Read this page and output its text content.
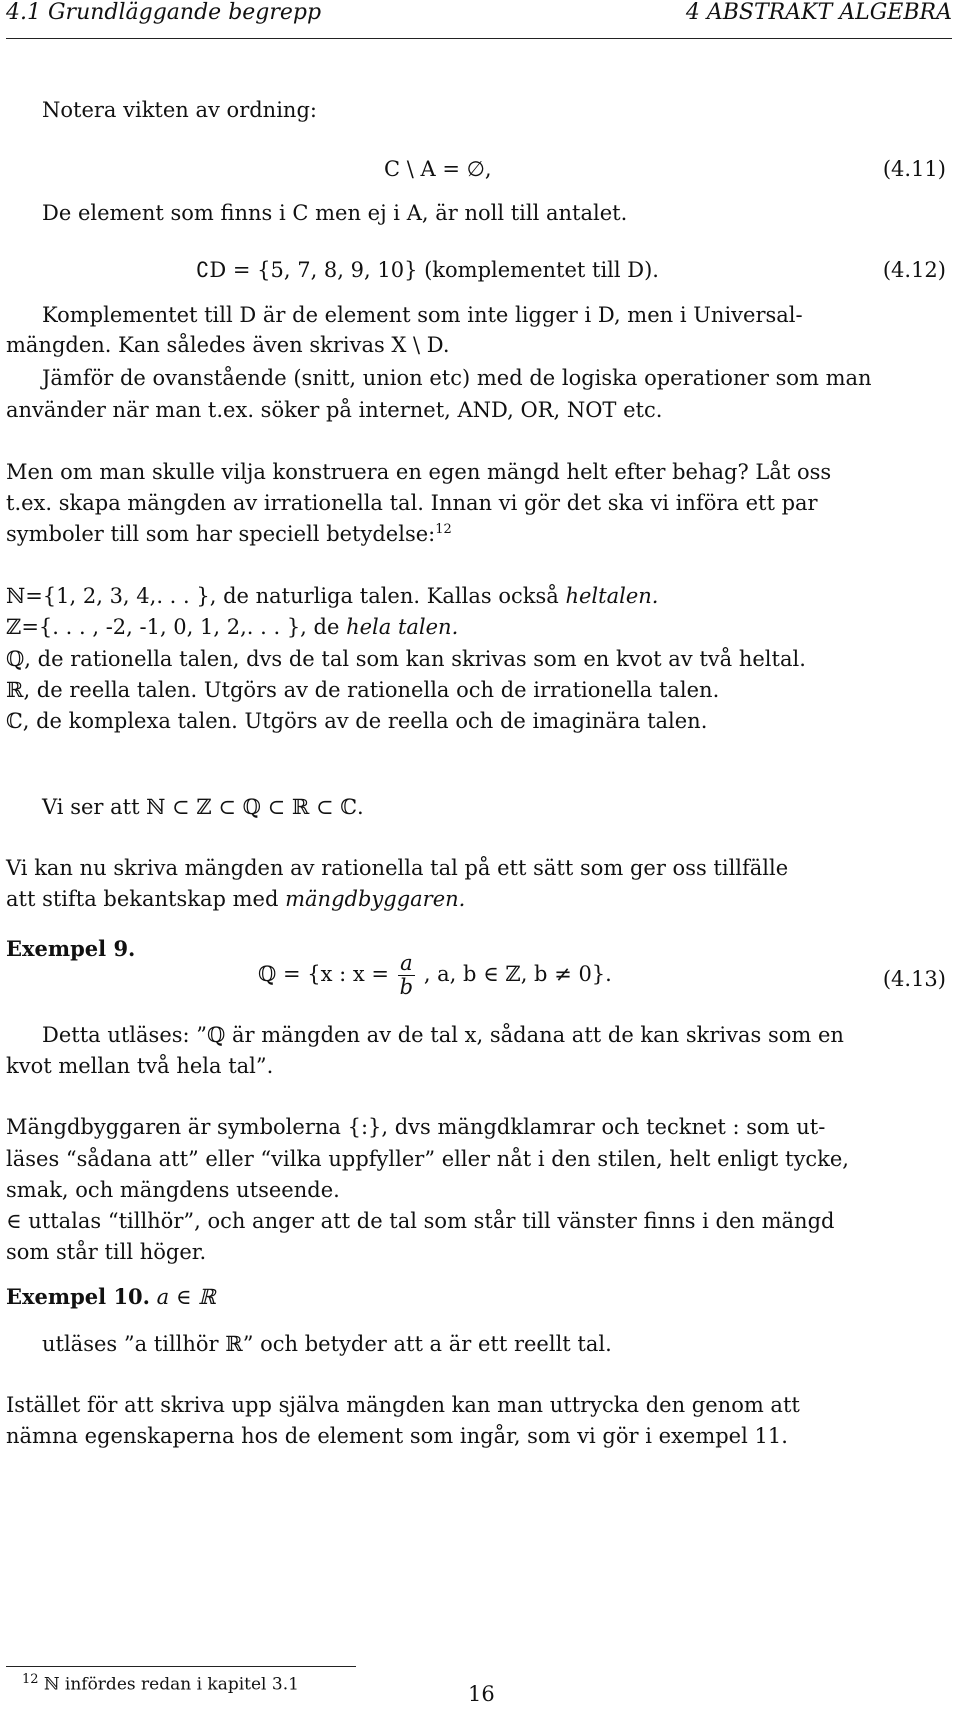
4.1 Grundläggande begrepp	4 ABSTRAKT ALGEBRA
Notera vikten av ordning:
C \ A = ∅,	(4.11)
De element som finns i C men ej i A, är noll till antalet.
∁D = {5, 7, 8, 9, 10} (komplementet till D).	(4.12)
Komplementet till D är de element som inte ligger i D, men i Universal-
mängden. Kan således även skrivas X \ D.
Jämför de ovanstående (snitt, union etc) med de logiska operationer som man
använder när man t.ex. söker på internet, AND, OR, NOT etc.
Men om man skulle vilja konstruera en egen mängd helt efter behag? Låt oss
t.ex. skapa mängden av irrationella tal. Innan vi gör det ska vi införa ett par
symboler till som har speciell betydelse:$^{12}$
ℕ={1, 2, 3, 4,. . . }, de naturliga talen. Kallas också heltalen.
ℤ={. . . , -2, -1, 0, 1, 2,. . . }, de hela talen.
ℚ, de rationella talen, dvs de tal som kan skrivas som en kvot av två heltal.
ℝ, de reella talen. Utgörs av de rationella och de irrationella talen.
ℂ, de komplexa talen. Utgörs av de reella och de imaginära talen.
Vi ser att ℕ ⊂ ℤ ⊂ ℚ ⊂ ℝ ⊂ ℂ.
Vi kan nu skriva mängden av rationella tal på ett sätt som ger oss tillfälle
att stifta bekantskap med mängdbyggaren.
Exempel 9.
ℚ = {x : $x = \frac{a}{b}$ , a, b ∈ ℤ, b ≠ 0}.	(4.13)
Detta utläses: ”ℚ är mängden av de tal x, sådana att de kan skrivas som en
kvot mellan två hela tal”.
Mängdbyggaren är symbolerna {:}, dvs mängdklamrar och tecknet : som ut-
läses “sådana att” eller “vilka uppfyller” eller nåt i den stilen, helt enligt tycke,
smak, och mängdens utseende.
∈ uttalas “tillhör”, och anger att de tal som står till vänster finns i den mängd
som står till höger.
Exempel 10. a ∈ ℝ
utläses ”a tillhör ℝ” och betyder att a är ett reellt tal.
Istället för att skriva upp själva mängden kan man uttrycka den genom att
nämna egenskaperna hos de element som ingår, som vi gör i exempel 11.
$^{12}$ ℕ infördes redan i kapitel 3.1	16
